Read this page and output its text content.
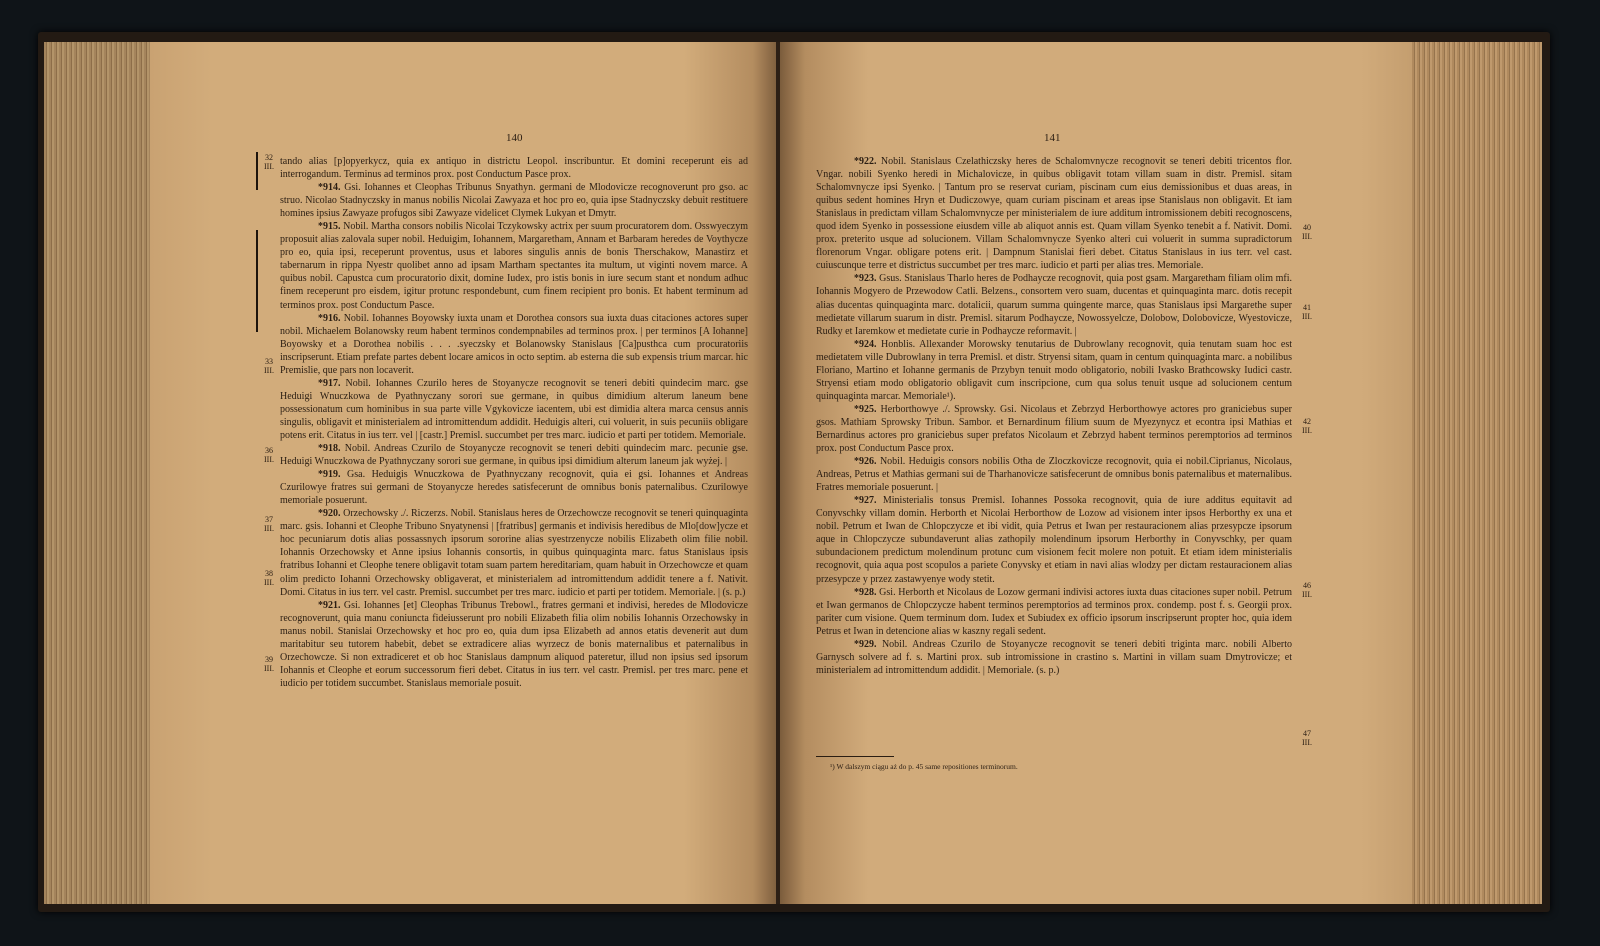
140
32 III.
33 III.
36 III.
37 III.
38 III.
39 III.

tando alias [p]opyerkycz, quia ex antiquo in districtu Leopol. inscribuntur. Et domini receperunt eis ad interrogandum. Terminus ad terminos prox. post Conductum Pasce prox.

*914. Gsi. Iohannes et Cleophas Tribunus Snyathyn. germani de Mlodovicze recognoverunt pro gso. ac struo. Nicolao Stadnyczsky in manus nobilis Nicolai Zawyaza et hoc pro eo, quia ipse Stadnyczsky debuit restituere homines ipsius Zawyaze profugos sibi Zawyaze videlicet Clymek Lukyan et Dmytr.

*915. Nobil. Martha consors nobilis Nicolai Tczykowsky actrix per suum procuratorem dom. Osswyeczym proposuit alias zalovala super nobil. Heduigim, Iohannem, Margaretham, Annam et Barbaram heredes de Voythycze pro eo, quia ipsi, receperunt proventus, usus et labores singulis annis de bonis Therschakow, Manastirz et tabernarum in rippa Nyestr quolibet anno ad ipsam Martham spectantes ita multum, ut viginti novem marce. A quibus nobil. Capustca cum procuratorio dixit, domine Iudex, pro istis bonis in iure secum stant et nondum adhuc finem receperunt pro eisdem, igitur protunc respondebunt, cum finem recipient pro bonis. Et habent terminum ad terminos prox. post Conductum Pasce.

*916. Nobil. Iohannes Boyowsky iuxta unam et Dorothea consors sua iuxta duas citaciones actores super nobil. Michaelem Bolanowsky reum habent terminos condempnabiles ad terminos prox. | per terminos [A Iohanne] Boyowsky et a Dorothea nobilis . . . .syeczsky et Bolanowsky Stanislaus [Ca]pusthca cum procuratoriis inscripserunt. Etiam prefate partes debent locare amicos in octo septim. ab esterna die sub expensis trium marcar. hic Premislie, que pars non locaverit.

*917. Nobil. Iohannes Czurilo heres de Stoyanycze recognovit se teneri debiti quindecim marc. gse Heduigi Wnuczkowa de Pyathnyczany sorori sue germane, in quibus dimidium alterum laneum bene possessionatum cum hominibus in sua parte ville Vgykovicze iacentem, ubi est dimidia altera marca census annis singulis, obligavit et ministerialem ad intromittendum addidit. Heduigis alteri, cui voluerit, in suis pecuniis obligare potens erit. Citatus in ius terr. vel | [castr.] Premisl. succumbet per tres marc. iudicio et parti per totidem. Memoriale.

*918. Nobil. Andreas Czurilo de Stoyanycze recognovit se teneri debiti quindecim marc. pecunie gse. Heduigi Wnuczkowa de Pyathnyczany sorori sue germane, in quibus ipsi dimidium alterum laneum jak wyżej. |

*919. Gsa. Heduigis Wnuczkowa de Pyathnyczany recognovit, quia ei gsi. Iohannes et Andreas Czurilowye fratres sui germani de Stoyanycze heredes satisfecerunt de omnibus bonis paternalibus. Czurilowye memoriale posuerunt.

*920. Orzechowsky ./. Riczerzs. Nobil. Stanislaus heres de Orzechowcze recognovit se teneri quinquaginta marc. gsis. Iohanni et Cleophe Tribuno Snyatynensi | [fratribus] germanis et indivisis heredibus de Mlo[dow]ycze et hoc pecuniarum dotis alias possassnych ipsorum sororine alias syestrzenycze nobilis Elizabeth olim filie nobil. Iohannis Orzechowsky et Anne ipsius Iohannis consortis, in quibus quinquaginta marc. fatus Stanislaus ipsis fratribus Iohanni et Cleophe tenere obligavit totam suam partem hereditariam, quam habuit in Orzechowcze et quam olim predicto Iohanni Orzechowsky obligaverat, et ministerialem ad intromittendum addidit tenere a f. Nativit. Domi. Citatus in ius terr. vel castr. Premisl. succumbet per tres marc. iudicio et parti per totidem. Memoriale. | (s. p.)

*921. Gsi. Iohannes [et] Cleophas Tribunus Trebowl., fratres germani et indivisi, heredes de Mlodovicze recognoverunt, quia manu coniuncta fideiusserunt pro nobili Elizabeth filia olim nobilis Iohannis Orzechowsky in manus nobil. Stanislai Orzechowsky et hoc pro eo, quia dum ipsa Elizabeth ad annos etatis devenerit aut dum maritabitur seu tutorem habebit, debet se extradicere alias wyrzecz de bonis maternalibus et paternalibus in Orzechowcze. Si non extradiceret et ob hoc Stanislaus dampnum aliquod pateretur, illud non ipsius sed ipsorum Iohannis et Cleophe et eorum successorum fieri debet. Citatus in ius terr. vel castr. Premisl. per tres marc. pene et iudicio per totidem succumbet. Stanislaus memoriale posuit.

141
40 III.
41 III.
42 III.
46 III.
47 III.

*922. Nobil. Stanislaus Czelathiczsky heres de Schalomvnycze recognovit se teneri debiti tricentos flor. Vngar. nobili Syenko heredi in Michalovicze, in quibus obligavit totam villam suam in distr. Premisl. sitam Schalomvnycze ipsi Syenko. | Tantum pro se reservat curiam, piscinam cum eius demissionibus et duas areas, in quibus sedent homines Hryn et Dudiczowye, quam curiam piscinam et areas ipse Stanislaus non obligavit. Et iam Stanislaus in predictam villam Schalomvnycze per ministerialem de iure additum intromissionem debiti recognoscens, quod idem Syenko in possessione eiusdem ville ab aliquot annis est. Quam villam Syenko tenebit a f. Nativit. Domi. prox. preterito usque ad solucionem. Villam Schalomvnycze Syenko alteri cui voluerit in summa supradictorum florenorum Vngar. obligare potens erit. | Dampnum Stanislai fieri debet. Citatus Stanislaus in ius terr. vel cast. cuiuscunque terre et districtus succumbet per tres marc. iudicio et parti per alias tres. Memoriale.

*923. Gsus. Stanislaus Tharlo heres de Podhaycze recognovit, quia post gsam. Margaretham filiam olim mfi. Iohannis Mogyero de Przewodow Catli. Belzens., consortem vero suam, ducentas et quinquaginta marc. dotis recepit alias ducentas quinquaginta marc. dotalicii, quarum summa quingente marce, quas Stanislaus ipsi Margarethe super medietate villarum suarum in distr. Premisl. sitarum Podhaycze, Nowossyelcze, Dolobow, Dolobovicze, Wyestovicze, Rudky et Iaremkow et medietate curie in Podhaycze reformavit. |

*924. Honblis. Allexander Morowsky tenutarius de Dubrowlany recognovit, quia tenutam suam hoc est medietatem ville Dubrowlany in terra Premisl. et distr. Stryensi sitam, quam in centum quinquaginta marc. a nobilibus Floriano, Martino et Iohanne germanis de Przybyn tenuit modo obligatorio, nobili Ivasko Brathcowsky Iudici castr. Stryensi etiam modo obligatorio obligavit cum inscripcione, cum qua solus tenuit usque ad solucionem centum quinquaginta marcar. Memoriale¹).

*925. Herborthowye ./. Sprowsky. Gsi. Nicolaus et Zebrzyd Herborthowye actores pro graniciebus super gsos. Mathiam Sprowsky Tribun. Sambor. et Bernardinum filium suum de Myezynycz et econtra ipsi Mathias et Bernardinus actores pro graniciebus super prefatos Nicolaum et Zebrzyd habent terminos peremptorios ad terminos prox. post Conductum Pasce prox.

*926. Nobil. Heduigis consors nobilis Otha de Zloczkovicze recognovit, quia ei nobil.Ciprianus, Nicolaus, Andreas, Petrus et Mathias germani sui de Tharhanovicze satisfecerunt de omnibus bonis paternalibus et maternalibus. Fratres memoriale posuerunt. |

*927. Ministerialis tonsus Premisl. Iohannes Possoka recognovit, quia de iure additus equitavit ad Conyvschky villam domin. Herborth et Nicolai Herborthow de Lozow ad visionem inter ipsos Herborthy ex una et nobil. Petrum et Iwan de Chlopczycze et ibi vidit, quia Petrus et Iwan per restauracionem alias przesypcze ipsorum aque in Chlopczycze subundaverunt alias zathopily molendinum ipsorum Herborthy in Conyvschky, per quam subundacionem predictum molendinum protunc cum visionem fecit molere non potuit. Et etiam idem ministerialis recognovit, quia aqua post scopulos a pariete Conyvsky et etiam in navi alias wlodzy per dictam restauracionem alias przesypcze y przez zastawyenye wody stetit.

*928. Gsi. Herborth et Nicolaus de Lozow germani indivisi actores iuxta duas citaciones super nobil. Petrum et Iwan germanos de Chlopczycze habent terminos peremptorios ad terminos prox. condemp. post f. s. Georgii prox. pariter cum visione. Quem terminum dom. Iudex et Subiudex ex officio ipsorum inscripserunt propter hoc, quia idem Petrus et Iwan in detencione alias w kaszny regali sedent.

*929. Nobil. Andreas Czurilo de Stoyanycze recognovit se teneri debiti triginta marc. nobili Alberto Garnysch solvere ad f. s. Martini prox. sub intromissione in crastino s. Martini in villam suam Dmytrovicze; et ministerialem ad intromittendum addidit. | Memoriale. (s. p.)

¹) W dalszym ciągu aż do p. 45 same repositiones terminorum.
